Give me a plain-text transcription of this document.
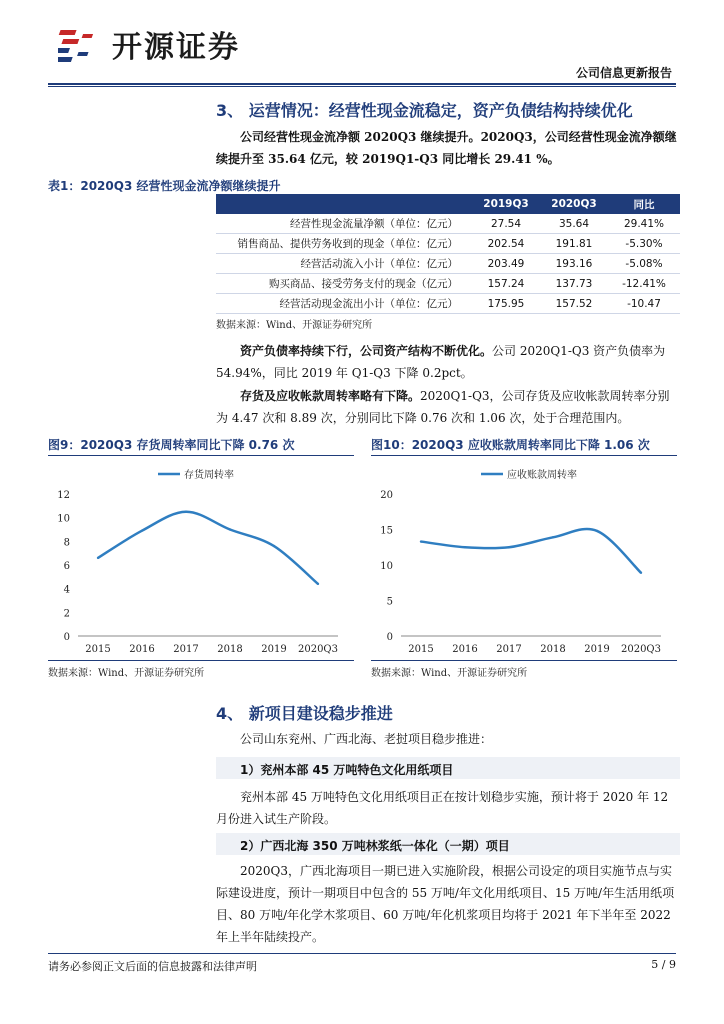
开源证券
公司信息更新报告
3、 运营情况：经营性现金流稳定，资产负债结构持续优化
公司经营性现金流净额 2020Q3 继续提升。2020Q3，公司经营性现金流净额继续提升至 35.64 亿元，较 2019Q1-Q3 同比增长 29.41 %。
表1：2020Q3 经营性现金流净额继续提升
	2019Q3	2020Q3	同比
经营性现金流量净额（单位：亿元）	27.54	35.64	29.41%
销售商品、提供劳务收到的现金（单位：亿元）	202.54	191.81	-5.30%
经营活动流入小计（单位：亿元）	203.49	193.16	-5.08%
购买商品、接受劳务支付的现金（亿元）	157.24	137.73	-12.41%
经营活动现金流出小计（单位：亿元）	175.95	157.52	-10.47
数据来源：Wind、开源证券研究所
资产负债率持续下行，公司资产结构不断优化。公司 2020Q1-Q3 资产负债率为 54.94%，同比 2019 年 Q1-Q3 下降 0.2pct。
存货及应收帐款周转率略有下降。2020Q1-Q3，公司存货及应收帐款周转率分别为 4.47 次和 8.89 次，分别同比下降 0.76 次和 1.06 次，处于合理范围内。
图9：2020Q3 存货周转率同比下降 0.76 次	图10：2020Q3 应收账款周转率同比下降 1.06 次
存货周转率
0
2
4
6
8
10
12
2015 2016 2017 2018 2019 2020Q3
数据来源：Wind、开源证券研究所
应收账款周转率
0
5
10
15
20
2015 2016 2017 2018 2019 2020Q3
数据来源：Wind、开源证券研究所
4、 新项目建设稳步推进
公司山东兖州、广西北海、老挝项目稳步推进：
1）兖州本部 45 万吨特色文化用纸项目
兖州本部 45 万吨特色文化用纸项目正在按计划稳步实施，预计将于 2020 年 12 月份进入试生产阶段。
2）广西北海 350 万吨林浆纸一体化（一期）项目
2020Q3，广西北海项目一期已进入实施阶段，根据公司设定的项目实施节点与实际建设进度，预计一期项目中包含的 55 万吨/年文化用纸项目、15 万吨/年生活用纸项目、80 万吨/年化学木浆项目、60 万吨/年化机浆项目均将于 2021 年下半年至 2022 年上半年陆续投产。
请务必参阅正文后面的信息披露和法律声明	5 / 9
